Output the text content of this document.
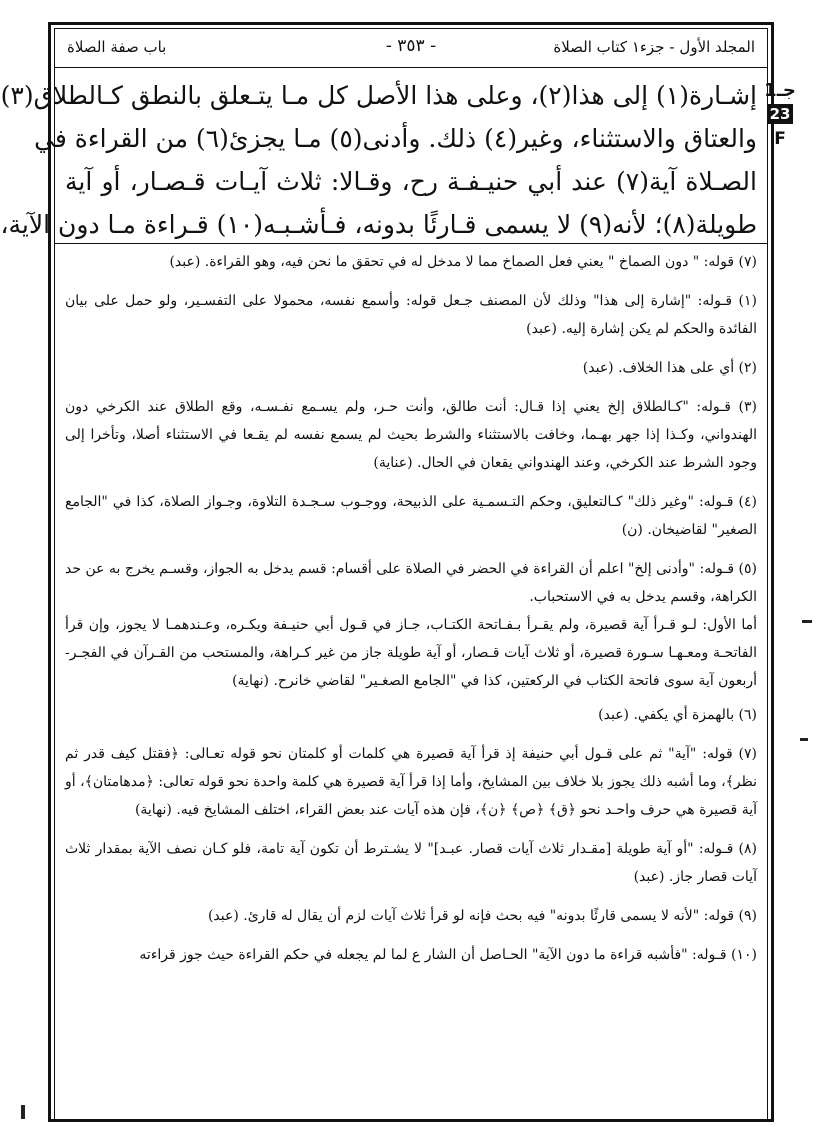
جـ1
23
F
المجلد الأول - جزء١ كتاب الصلاة
- ٣٥٣ -
باب صفة الصلاة
إشـارة(١) إلى هذا(٢)، وعلى هذا الأصل كل مـا يتـعلق بالنطق كـالطلاق(٣)
والعتاق والاستثناء، وغير(٤) ذلك. وأدنى(٥) مـا يجزئ(٦) من القراءة في
الصـلاة آية(٧) عند أبي حنيـفـة رح، وقـالا: ثلاث آيـات قـصـار، أو آية
طويلة(٨)؛ لأنه(٩) لا يسمى قـارئًا بدونه، فـأشـبـه(١٠) قـراءة مـا دون الآية،

(٧) قوله: " دون الصماخ " يعني فعل الصماخ مما لا مدخل له في تحقق ما نحن فيه، وهو القراءة. (عبد)

(١) قـوله: "إشارة إلى هذا" وذلك لأن المصنف جـعل قوله: وأسمع نفسه، محمولا على التفسـير، ولو حمل على بيان الفائدة والحكم لم يكن إشارة إليه. (عبد)

(٢) أي على هذا الخلاف. (عبد)

(٣) قـوله: "كـالطلاق إلخ يعني إذا قـال: أنت طالق، وأنت حـر، ولم يسـمع نفـسـه، وقع الطلاق عند الكرخي دون الهندواني، وكـذا إذا جهر بهـما، وخافت بالاستثناء والشرط بحيث لم يسمع نفسه لم يقـعا في الاستثناء أصلا، وتأخرا إلى وجود الشرط عند الكرخي، وعند الهندواني يقعان في الحال. (عناية)

(٤) قـوله: "وغير ذلك" كـالتعليق، وحكم التـسمـية على الذبيحة، ووجـوب سـجـدة التلاوة، وجـواز الصلاة، كذا في "الجامع الصغير" لقاضيخان. (ن)

(٥) قـوله: "وأدنى إلخ" اعلم أن القراءة في الحضر في الصلاة على أقسام: قسم يدخل به الجواز، وقسـم يخرج به عن حد الكراهة، وقسم يدخل به في الاستحباب.

أما الأول: لـو قـرأ آية قصيرة، ولم يقـرأ بـفـاتحة الكتـاب، جـاز في قـول أبي حنيـفة ويكـره، وعـندهمـا لا يجوز، وإن قرأ الفاتحـة ومعـهـا سـورة قصيرة، أو ثلاث آيات قـصار، أو آية طويلة جاز من غير كـراهة، والمستحب من القـرآن في الفجـر- أربعون آية سوى فاتحة الكتاب في الركعتين، كذا في "الجامع الصغـير" لقاضي خانرح. (نهاية)

(٦) بالهمزة أي يكفي. (عبد)

(٧) قوله: "آية" ثم على قـول أبي حنيفة إذ قرأ آية قصيرة هي كلمات أو كلمتان نحو قوله تعـالى: ﴿فقتل كيف قدر ثم نظر﴾، وما أشبه ذلك يجوز بلا خلاف بين المشايخ، وأما إذا قرأ آية قصيرة هي كلمة واحدة نحو قوله تعالى: ﴿مدهامتان﴾، أو آية قصيرة هي حرف واحـد نحو ﴿ق﴾ ﴿ص﴾ ﴿ن﴾، فإن هذه آيات عند بعض القراء، اختلف المشايخ فيه. (نهاية)

(٨) قـوله: "أو آية طويلة [مقـدار ثلاث آيات قصار. عبـد]" لا يشـترط أن تكون آية تامة، فلو كـان نصف الآية بمقدار ثلاث آيات قصار جاز. (عبد)

(٩) قوله: "لأنه لا يسمى قارئًا بدونه" فيه بحث فإنه لو قرأ ثلاث آيات لزم أن يقال له قارئ. (عبد)

(١٠) قـوله: "فأشبه قراءة ما دون الآية" الحـاصل أن الشار ع لما لم يجعله في حكم القراءة حيث جوز قراءته
